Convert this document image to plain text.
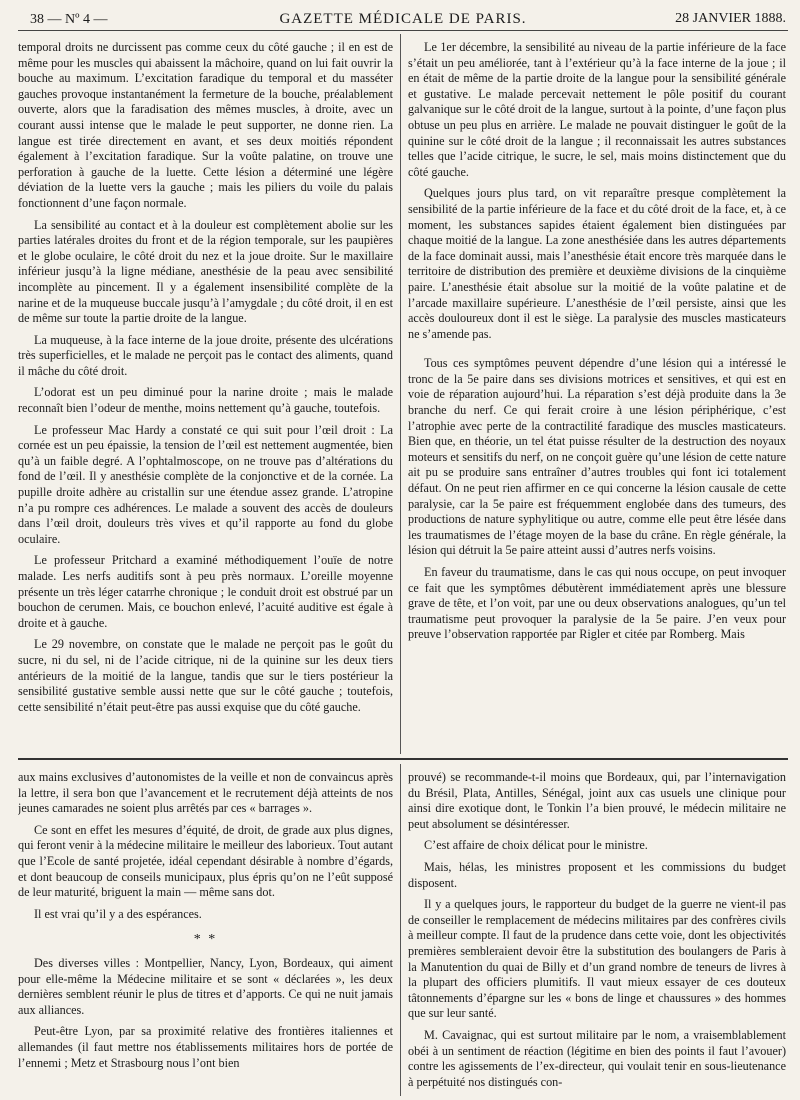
38 — Nº 4 —	GAZETTE MÉDICALE DE PARIS.	28 JANVIER 1888.

temporal droits ne durcissent pas comme ceux du côté gauche ; il en est de même pour les muscles qui abaissent la mâchoire, quand on lui fait ouvrir la bouche au maximum. L’excitation faradique du temporal et du masséter gauches provoque instantanément la fermeture de la bouche, préalablement ouverte, alors que la faradisation des mêmes muscles, à droite, avec un courant aussi intense que le malade le peut supporter, ne donne rien. La langue est tirée directement en avant, et ses deux moitiés répondent également à l’excitation faradique. Sur la voûte palatine, on trouve une perforation à gauche de la luette. Cette lésion a déterminé une légère déviation de la luette vers la gauche ; mais les piliers du voile du palais fonctionnent d’une façon normale.

La sensibilité au contact et à la douleur est complètement abolie sur les parties latérales droites du front et de la région temporale, sur les paupières et le globe oculaire, le côté droit du nez et la joue droite. Sur le maxillaire inférieur jusqu’à la ligne médiane, anesthésie de la peau avec sensibilité incomplète au pincement. Il y a également insensibilité complète de la narine et de la muqueuse buccale jusqu’à l’amygdale ; du côté droit, il en est de même sur toute la partie droite de la langue.

La muqueuse, à la face interne de la joue droite, présente des ulcérations très superficielles, et le malade ne perçoit pas le contact des aliments, quand il mâche du côté droit.

L’odorat est un peu diminué pour la narine droite ; mais le malade reconnaît bien l’odeur de menthe, moins nettement qu’à gauche, toutefois.

Le professeur Mac Hardy a constaté ce qui suit pour l’œil droit : La cornée est un peu épaissie, la tension de l’œil est nettement augmentée, bien qu’à un faible degré. A l’ophtalmoscope, on ne trouve pas d’altérations du fond de l’œil. Il y anesthésie complète de la conjonctive et de la cornée. La pupille droite adhère au cristallin sur une étendue assez grande. L’atropine n’a pu rompre ces adhérences. Le malade a souvent des accès de douleurs dans l’œil droit, douleurs très vives et qu’il rapporte au fond du globe oculaire.

Le professeur Pritchard a examiné méthodiquement l’ouïe de notre malade. Les nerfs auditifs sont à peu près normaux. L’oreille moyenne présente un très léger catarrhe chronique ; le conduit droit est obstrué par un bouchon de cerumen. Mais, ce bouchon enlevé, l’acuité auditive est égale à droite et à gauche.

Le 29 novembre, on constate que le malade ne perçoit pas le goût du sucre, ni du sel, ni de l’acide citrique, ni de la quinine sur les deux tiers antérieurs de la moitié de la langue, tandis que sur le tiers postérieur la sensibilité gustative semble aussi nette que sur le côté gauche ; toutefois, cette sensibilité n’était peut-être pas aussi exquise que du côté gauche.

Le 1er décembre, la sensibilité au niveau de la partie inférieure de la face s’était un peu améliorée, tant à l’extérieur qu’à la face interne de la joue ; il en était de même de la partie droite de la langue pour la sensibilité générale et gustative. Le malade percevait nettement le pôle positif du courant galvanique sur le côté droit de la langue, surtout à la pointe, d’une façon plus obtuse un peu plus en arrière. Le malade ne pouvait distinguer le goût de la quinine sur le côté droit de la langue ; il reconnaissait les autres substances telles que l’acide citrique, le sucre, le sel, mais moins distinctement que du côté gauche.

Quelques jours plus tard, on vit reparaître presque complètement la sensibilité de la partie inférieure de la face et du côté droit de la face, et, à ce moment, les substances sapides étaient également bien distinguées par chaque moitié de la langue. La zone anesthésiée dans les autres départements de la face dominait aussi, mais l’anesthésie était encore très marquée dans le territoire de distribution des première et deuxième divisions de la cinquième paire. L’anesthésie était absolue sur la moitié de la voûte palatine et de l’arcade maxillaire supérieure. L’anesthésie de l’œil persiste, ainsi que les accès douloureux dont il est le siège. La paralysie des muscles masticateurs ne s’amende pas.

Tous ces symptômes peuvent dépendre d’une lésion qui a intéressé le tronc de la 5e paire dans ses divisions motrices et sensitives, et qui est en voie de réparation aujourd’hui. La réparation s’est déjà produite dans la 3e branche du nerf. Ce qui ferait croire à une lésion périphérique, c’est l’atrophie avec perte de la contractilité faradique des muscles masticateurs. Bien que, en théorie, un tel état puisse résulter de la destruction des noyaux moteurs et sensitifs du nerf, on ne conçoit guère qu’une lésion de cette nature ait pu se produire sans entraîner d’autres troubles qui font ici totalement défaut. On ne peut rien affirmer en ce qui concerne la lésion causale de cette paralysie, car la 5e paire est fréquemment englobée dans des tumeurs, des productions de nature syphylitique ou autre, comme elle peut être lésée dans les traumatismes de l’étage moyen de la base du crâne. En règle générale, la lésion qui détruit la 5e paire atteint aussi d’autres nerfs voisins.

En faveur du traumatisme, dans le cas qui nous occupe, on peut invoquer ce fait que les symptômes débutèrent immédiatement après une blessure grave de tête, et l’on voit, par une ou deux observations analogues, qu’un tel traumatisme peut provoquer la paralysie de la 5e paire. J’en veux pour preuve l’observation rapportée par Rigler et citée par Romberg. Mais

aux mains exclusives d’autonomistes de la veille et non de convaincus après la lettre, il sera bon que l’avancement et le recrutement déjà atteints de nos jeunes camarades ne soient plus arrêtés par ces « barrages ».

Ce sont en effet les mesures d’équité, de droit, de grade aux plus dignes, qui feront venir à la médecine militaire le meilleur des laborieux. Tout autant que l’Ecole de santé projetée, idéal cependant désirable à nombre d’égards, et dont beaucoup de conseils municipaux, plus épris qu’on ne l’eût supposé de leur maturité, briguent la main — même sans dot.

Il est vrai qu’il y a des espérances.

* *

Des diverses villes : Montpellier, Nancy, Lyon, Bordeaux, qui aiment pour elle-même la Médecine militaire et se sont « déclarées », les deux dernières semblent réunir le plus de titres et d’apports. Ce qui ne nuit jamais aux alliances.

Peut-être Lyon, par sa proximité relative des frontières italiennes et allemandes (il faut mettre nos établissements militaires hors de portée de l’ennemi ; Metz et Strasbourg nous l’ont bien

prouvé) se recommande-t-il moins que Bordeaux, qui, par l’internavigation du Brésil, Plata, Antilles, Sénégal, joint aux cas usuels une clinique pour ainsi dire exotique dont, le Tonkin l’a bien prouvé, le médecin militaire ne peut absolument se désintéresser.

C’est affaire de choix délicat pour le ministre.

Mais, hélas, les ministres proposent et les commissions du budget disposent.

Il y a quelques jours, le rapporteur du budget de la guerre ne vient-il pas de conseiller le remplacement de médecins militaires par des confrères civils à meilleur compte. Il faut de la prudence dans cette voie, dont les objectivités premières sembleraient devoir être la substitution des boulangers de Paris à la Manutention du quai de Billy et d’un grand nombre de teneurs de livres à la plupart des officiers plumitifs. Il vaut mieux essayer de ces douteux tâtonnements d’épargne sur les « bons de linge et chaussures » des hommes que sur leur santé.

M. Cavaignac, qui est surtout militaire par le nom, a vraisemblablement obéi à un sentiment de réaction (légitime en bien des points il faut l’avouer) contre les agissements de l’ex-directeur, qui voulait tenir en sous-lieutenance à perpétuité nos distingués con-
